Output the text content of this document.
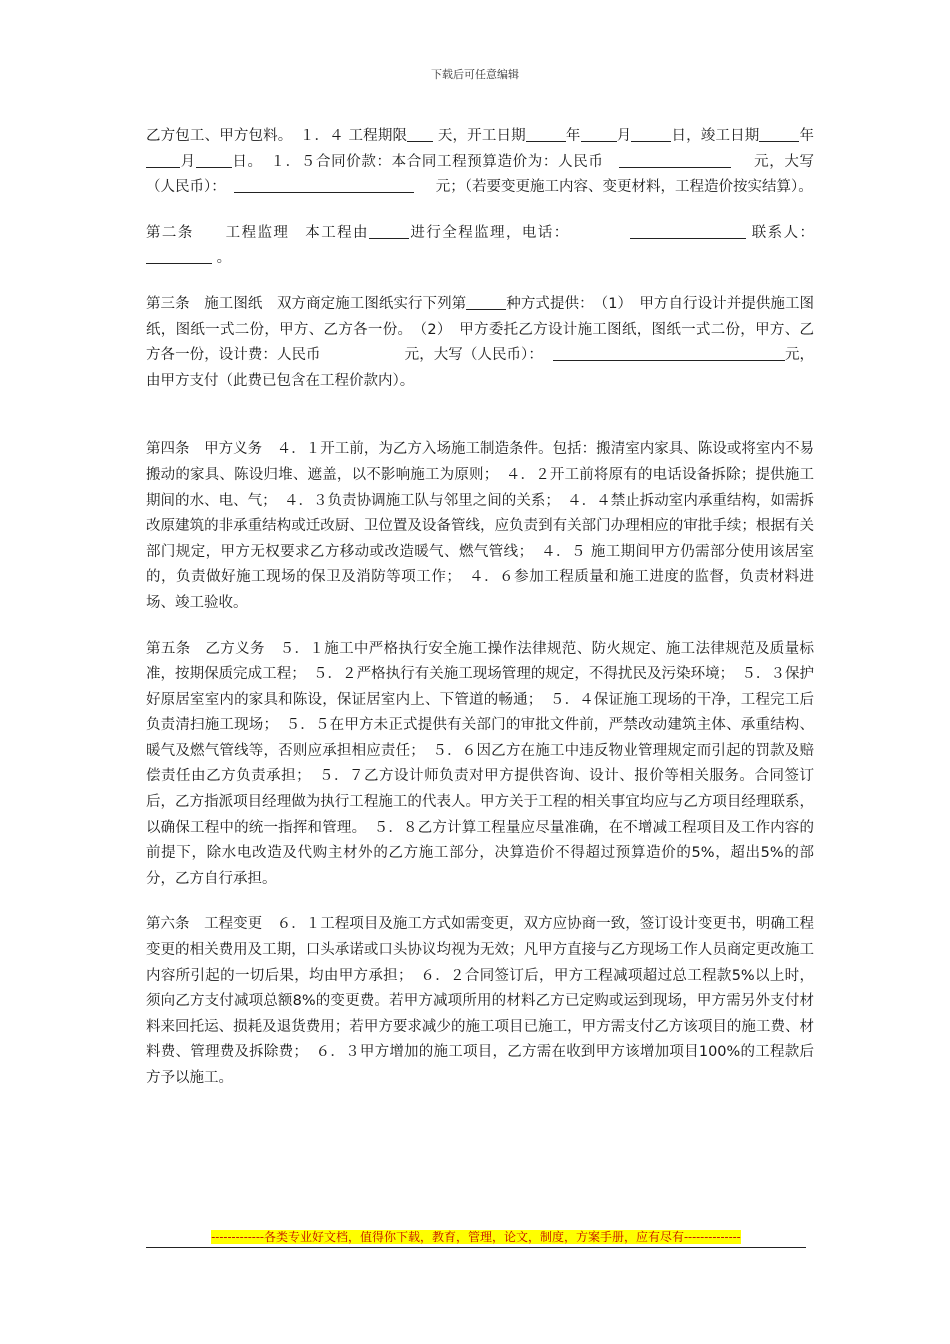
下载后可任意编辑

乙方包工、甲方包料。　１．４ 工程期限 天，开工日期	年 月	日，竣工日期	年月 日。　１．５合同价款：本合同工程预算造价为：人民币	元，大写（人民币）：	元；（若要变更施工内容、变更材料，工程造价按实结算）。

第二条　　工程监理　本工程由	进行全程监理，电话：	联系人： 。

第三条　施工图纸　双方商定施工图纸实行下列第	种方式提供：　（1）　甲方自行设计并提供施工图纸，图纸一式二份，甲方、乙方各一份。　（2）　甲方委托乙方设计施工图纸，图纸一式二份，甲方、乙方各一份，设计费：人民币	元，大写（人民币）：	元，由甲方支付（此费已包含在工程价款内）。

第四条　甲方义务　４．１开工前，为乙方入场施工制造条件。包括：搬清室内家具、陈设或将室内不易搬动的家具、陈设归堆、遮盖，以不影响施工为原则；　４．２开工前将原有的电话设备拆除；提供施工期间的水、电、气；　４．３负责协调施工队与邻里之间的关系；　４．４禁止拆动室内承重结构，如需拆改原建筑的非承重结构或迁改厨、卫位置及设备管线，应负责到有关部门办理相应的审批手续；根据有关部门规定，甲方无权要求乙方移动或改造暖气、燃气管线；　４．５ 施工期间甲方仍需部分使用该居室的，负责做好施工现场的保卫及消防等项工作；　４．６参加工程质量和施工进度的监督，负责材料进场、竣工验收。

第五条　乙方义务　５．１施工中严格执行安全施工操作法律规范、防火规定、施工法律规范及质量标准，按期保质完成工程；　５．２严格执行有关施工现场管理的规定，不得扰民及污染环境；　５．３保护好原居室室内的家具和陈设，保证居室内上、下管道的畅通；　５．４保证施工现场的干净，工程完工后负责清扫施工现场；　５．５在甲方未正式提供有关部门的审批文件前，严禁改动建筑主体、承重结构、暖气及燃气管线等，否则应承担相应责任；　５．６因乙方在施工中违反物业管理规定而引起的罚款及赔偿责任由乙方负责承担；　５．７乙方设计师负责对甲方提供咨询、设计、报价等相关服务。合同签订后，乙方指派项目经理做为执行工程施工的代表人。甲方关于工程的相关事宜均应与乙方项目经理联系，以确保工程中的统一指挥和管理。　５．８乙方计算工程量应尽量准确，在不增减工程项目及工作内容的前提下，除水电改造及代购主材外的乙方施工部分，决算造价不得超过预算造价的5%，超出5%的部分，乙方自行承担。

第六条　工程变更　６．１工程项目及施工方式如需变更，双方应协商一致，签订设计变更书，明确工程变更的相关费用及工期，口头承诺或口头协议均视为无效；凡甲方直接与乙方现场工作人员商定更改施工内容所引起的一切后果，均由甲方承担；　６．２合同签订后，甲方工程减项超过总工程款5%以上时，须向乙方支付减项总额8%的变更费。若甲方减项所用的材料乙方已定购或运到现场，甲方需另外支付材料来回托运、损耗及退货费用；若甲方要求减少的施工项目已施工，甲方需支付乙方该项目的施工费、材料费、管理费及拆除费；　６．３甲方增加的施工项目，乙方需在收到甲方该增加项目100%的工程款后方予以施工。

-------------各类专业好文档，值得你下载，教育，管理，论文，制度，方案手册，应有尽有--------------
